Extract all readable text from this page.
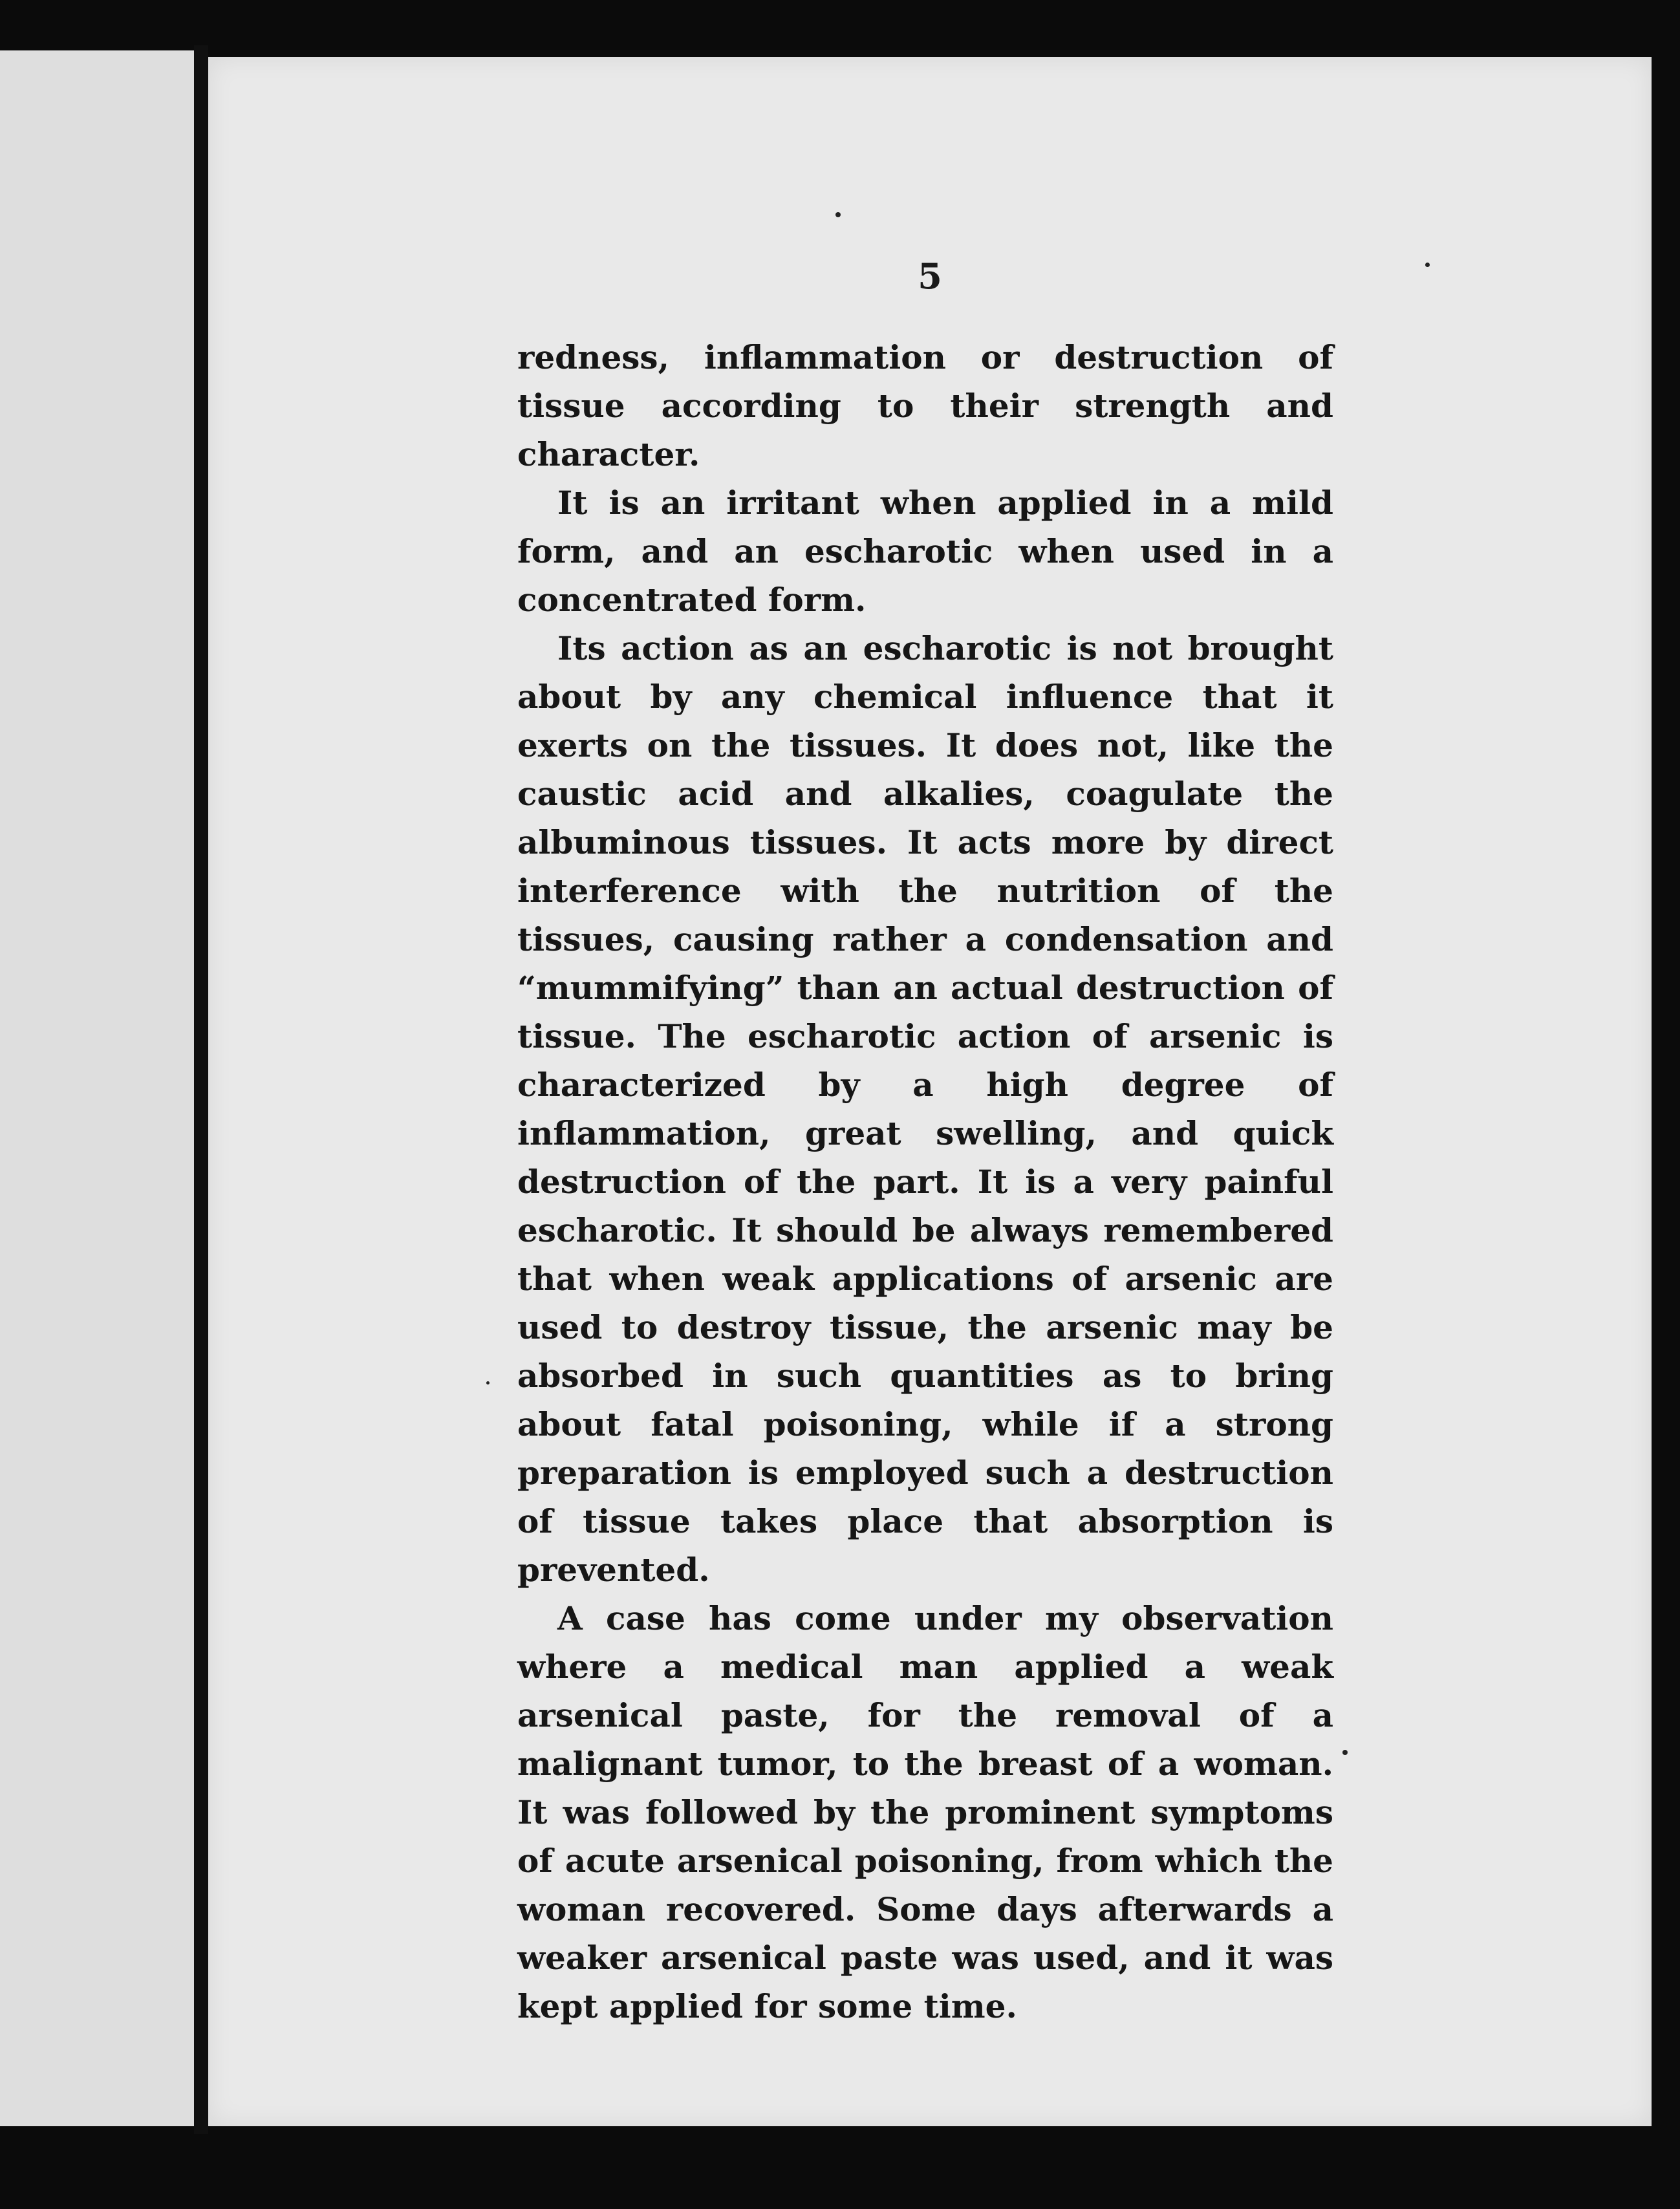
5

redness, inflammation or destruction of tissue according to their strength and character.

It is an irritant when applied in a mild form, and an escharotic when used in a concentrated form.

Its action as an escharotic is not brought about by any chemical influence that it exerts on the tissues. It does not, like the caustic acid and alkalies, coagulate the albuminous tissues. It acts more by direct interference with the nutrition of the tissues, causing rather a condensation and “mummifying” than an actual destruction of tissue. The escharotic action of arsenic is characterized by a high degree of inflammation, great swelling, and quick destruction of the part. It is a very painful escharotic. It should be always remembered that when weak applications of arsenic are used to destroy tissue, the arsenic may be absorbed in such quantities as to bring about fatal poisoning, while if a strong preparation is employed such a destruction of tissue takes place that absorption is prevented.

A case has come under my observation where a medical man applied a weak arsenical paste, for the removal of a malignant tumor, to the breast of a woman. It was followed by the prominent symptoms of acute arsenical poisoning, from which the woman recovered. Some days afterwards a weaker arsenical paste was used, and it was kept applied for some time.
